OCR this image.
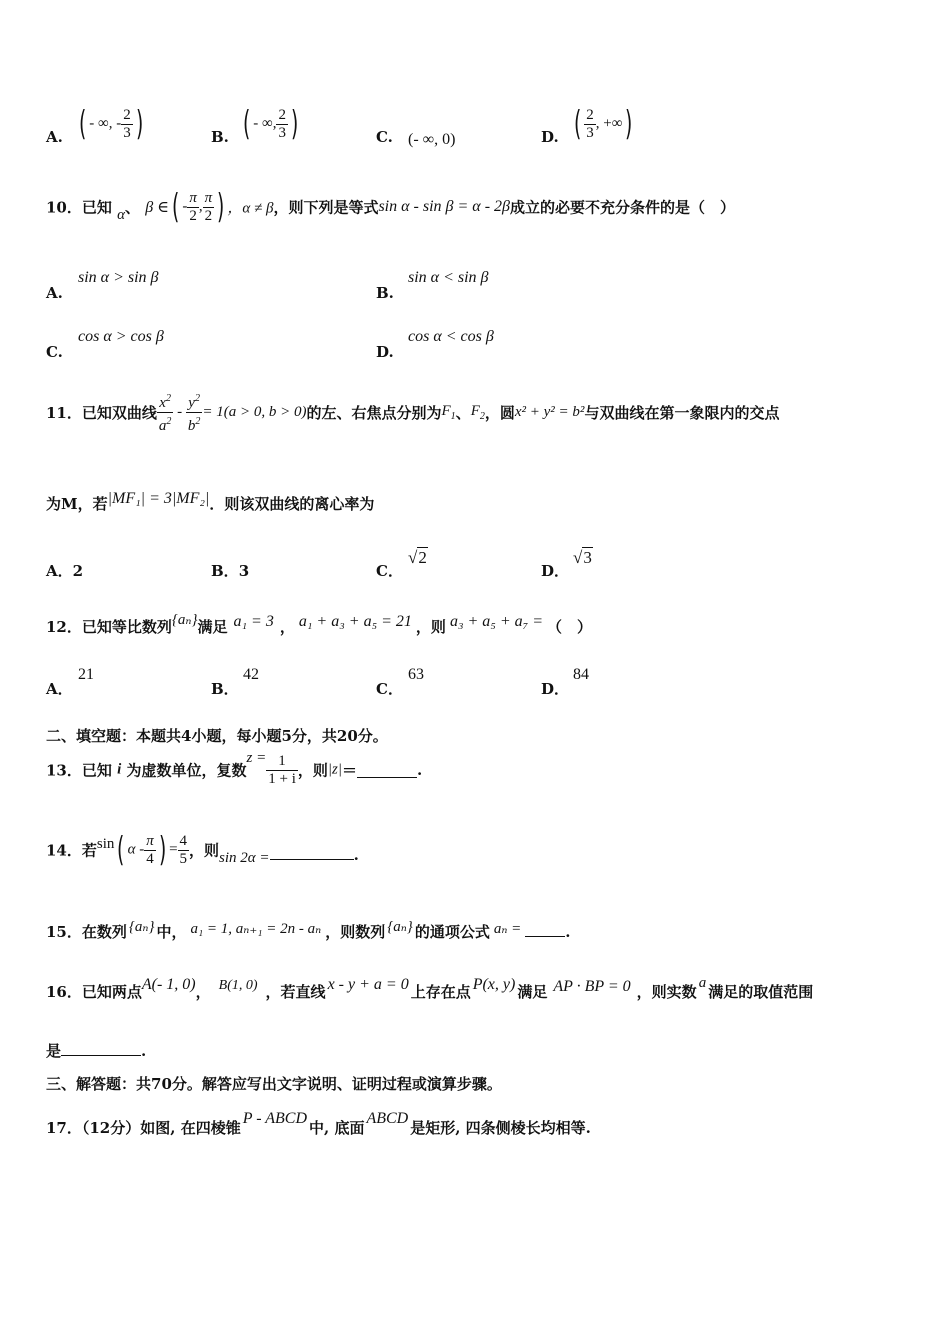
A. ( - ∞, - $\frac{2}{3}$ )	B. ( - ∞, $\frac{2}{3}$ )	C. (- ∞, 0)	D. ( $\frac{2}{3}$ , +∞)
10．已知 α、 β ∈( - $\frac{\pi}{2}$ , $\frac{\pi}{2}$ ) ，α ≠ β，则下列是等式sin α - sin β = α - 2β成立的必要不充分条件的是（　）
A.
sin α > sin β
B.
sin α < sin β
C.
cos α > cos β
D.
cos α < cos β
11．已知双曲线 $\frac{x^2}{a^2} - \frac{y^2}{b^2} = 1(a > 0$, b > 0)的左、右焦点分别为$F_1$、$F_2$，圆x² + y² = b²与双曲线在第一象限内的交点
为M，若|MF₁| = 3|MF₂|．则该双曲线的离心率为
A．2	B．3	C．
√2
D．
√3
12．已知等比数列{aₙ}满足 a₁ = 3 ， a₁ + a₃ + a₅ = 21 ，则 a₃ + a₅ + a₇ = （　）
A．
21
B．
42
C．
63
D．
84
二、填空题：本题共4小题，每小题5分，共20分。
13．已知 i 为虚数单位，复数$z = \frac{1}{1 + i}$ ，则|z|＝	.
14．若sin( α - $\frac{\pi}{4}$ ) = $\frac{4}{5}$ ，则sin 2α =	.
15．在数列 {aₙ} 中， a₁ = 1, aₙ₊₁ = 2n - aₙ ，则数列 {aₙ} 的通项公式 aₙ =	.
16．已知两点A(- 1, 0)， B(1, 0) ，若直线 x - y + a = 0 上存在点 P(x, y) 满足 AP · BP = 0 ，则实数 a 满足的取值范围
是	.
三、解答题：共70分。解答应写出文字说明、证明过程或演算步骤。
17．（12分）如图, 在四棱锥P - ABCD中, 底面ABCD是矩形, 四条侧棱长均相等.
